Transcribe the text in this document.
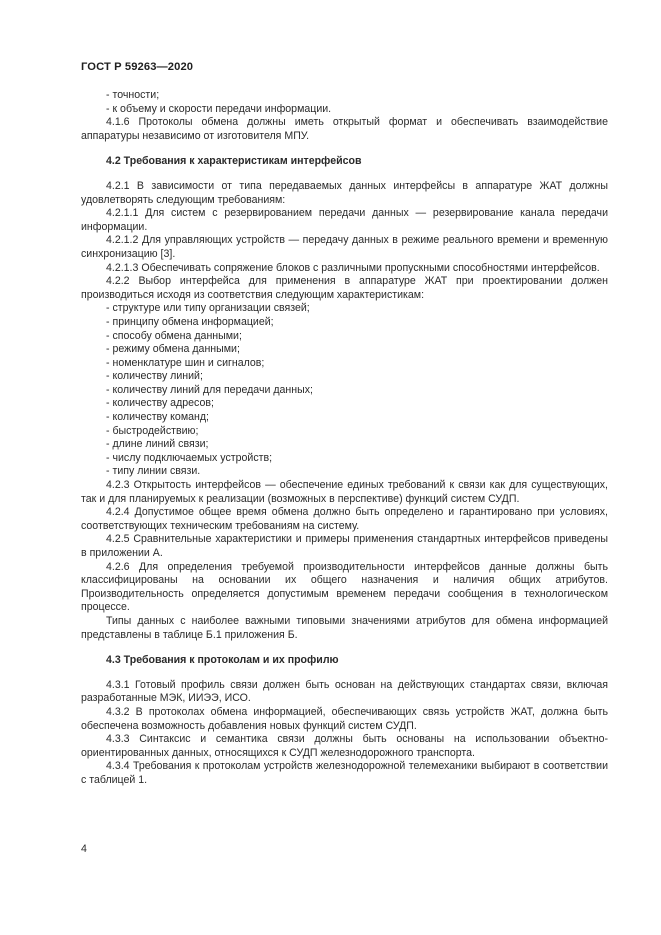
ГОСТ Р 59263—2020

- точности;

- к объему и скорости передачи информации.

4.1.6 Протоколы обмена должны иметь открытый формат и обеспечивать взаимодействие аппаратуры независимо от изготовителя МПУ.

4.2 Требования к характеристикам интерфейсов

4.2.1 В зависимости от типа передаваемых данных интерфейсы в аппаратуре ЖАТ должны удовлетворять следующим требованиям:

4.2.1.1 Для систем с резервированием передачи данных — резервирование канала передачи информации.

4.2.1.2 Для управляющих устройств — передачу данных в режиме реального времени и временную синхронизацию [3].

4.2.1.3 Обеспечивать сопряжение блоков с различными пропускными способностями интерфейсов.

4.2.2 Выбор интерфейса для применения в аппаратуре ЖАТ при проектировании должен производиться исходя из соответствия следующим характеристикам:

- структуре или типу организации связей;

- принципу обмена информацией;

- способу обмена данными;

- режиму обмена данными;

- номенклатуре шин и сигналов;

- количеству линий;

- количеству линий для передачи данных;

- количеству адресов;

- количеству команд;

- быстродействию;

- длине линий связи;

- числу подключаемых устройств;

- типу линии связи.

4.2.3 Открытость интерфейсов — обеспечение единых требований к связи как для существующих, так и для планируемых к реализации (возможных в перспективе) функций систем СУДП.

4.2.4 Допустимое общее время обмена должно быть определено и гарантировано при условиях, соответствующих техническим требованиям на систему.

4.2.5 Сравнительные характеристики и примеры применения стандартных интерфейсов приведены в приложении А.

4.2.6 Для определения требуемой производительности интерфейсов данные должны быть классифицированы на основании их общего назначения и наличия общих атрибутов. Производительность определяется допустимым временем передачи сообщения в технологическом процессе.

Типы данных с наиболее важными типовыми значениями атрибутов для обмена информацией представлены в таблице Б.1 приложения Б.

4.3 Требования к протоколам и их профилю

4.3.1 Готовый профиль связи должен быть основан на действующих стандартах связи, включая разработанные МЭК, ИИЭЭ, ИСО.

4.3.2 В протоколах обмена информацией, обеспечивающих связь устройств ЖАТ, должна быть обеспечена возможность добавления новых функций систем СУДП.

4.3.3 Синтаксис и семантика связи должны быть основаны на использовании объектно-ориентированных данных, относящихся к СУДП железнодорожного транспорта.

4.3.4 Требования к протоколам устройств железнодорожной телемеханики выбирают в соответствии с таблицей 1.

4
